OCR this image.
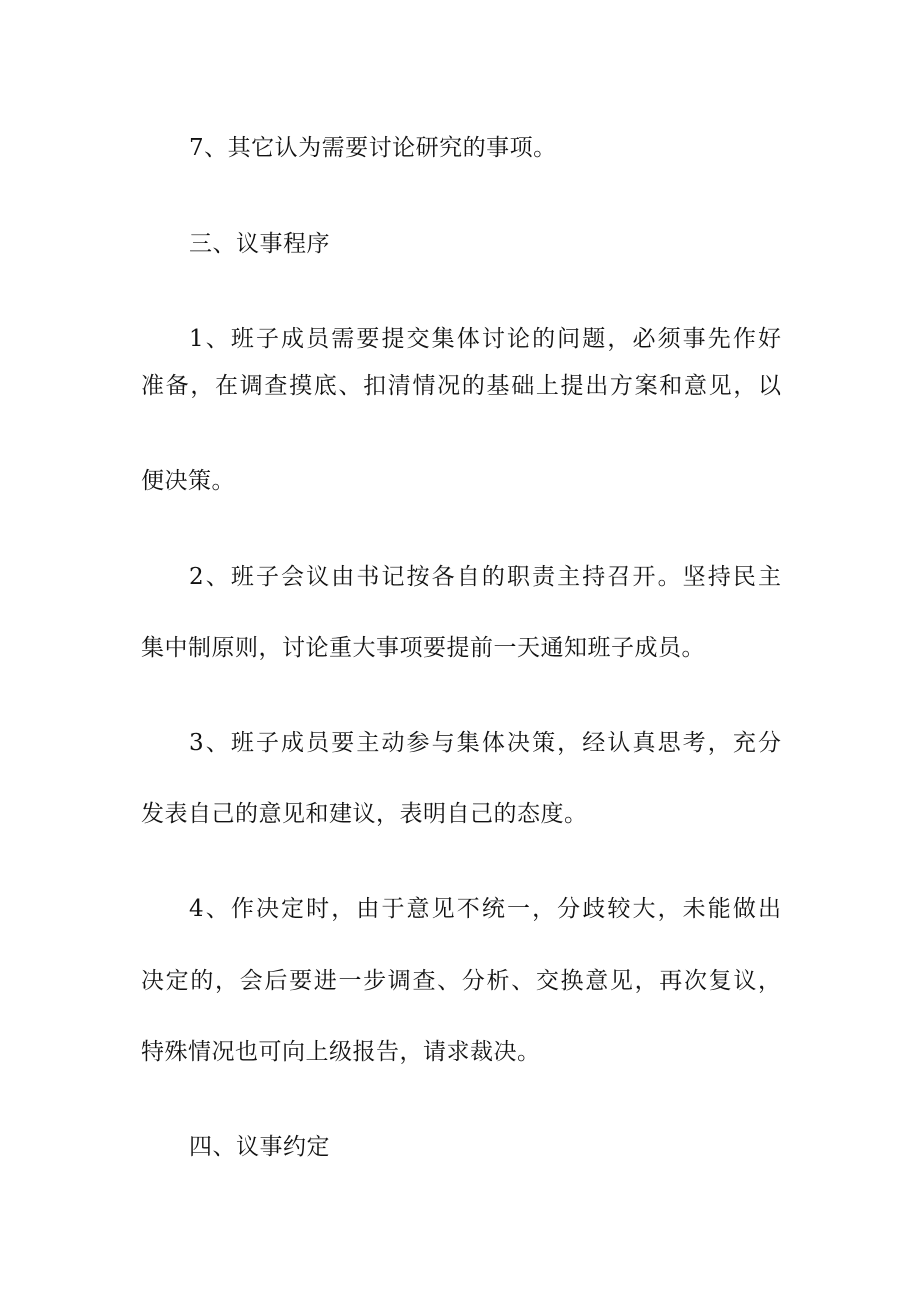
7、其它认为需要讨论研究的事项。
三、议事程序
1、班子成员需要提交集体讨论的问题，必须事先作好
准备，在调查摸底、扣清情况的基础上提出方案和意见，以
便决策。
2、班子会议由书记按各自的职责主持召开。坚持民主
集中制原则，讨论重大事项要提前一天通知班子成员。
3、班子成员要主动参与集体决策，经认真思考，充分
发表自己的意见和建议，表明自己的态度。
4、作决定时，由于意见不统一，分歧较大，未能做出
决定的，会后要进一步调查、分析、交换意见，再次复议，
特殊情况也可向上级报告，请求裁决。
四、议事约定
